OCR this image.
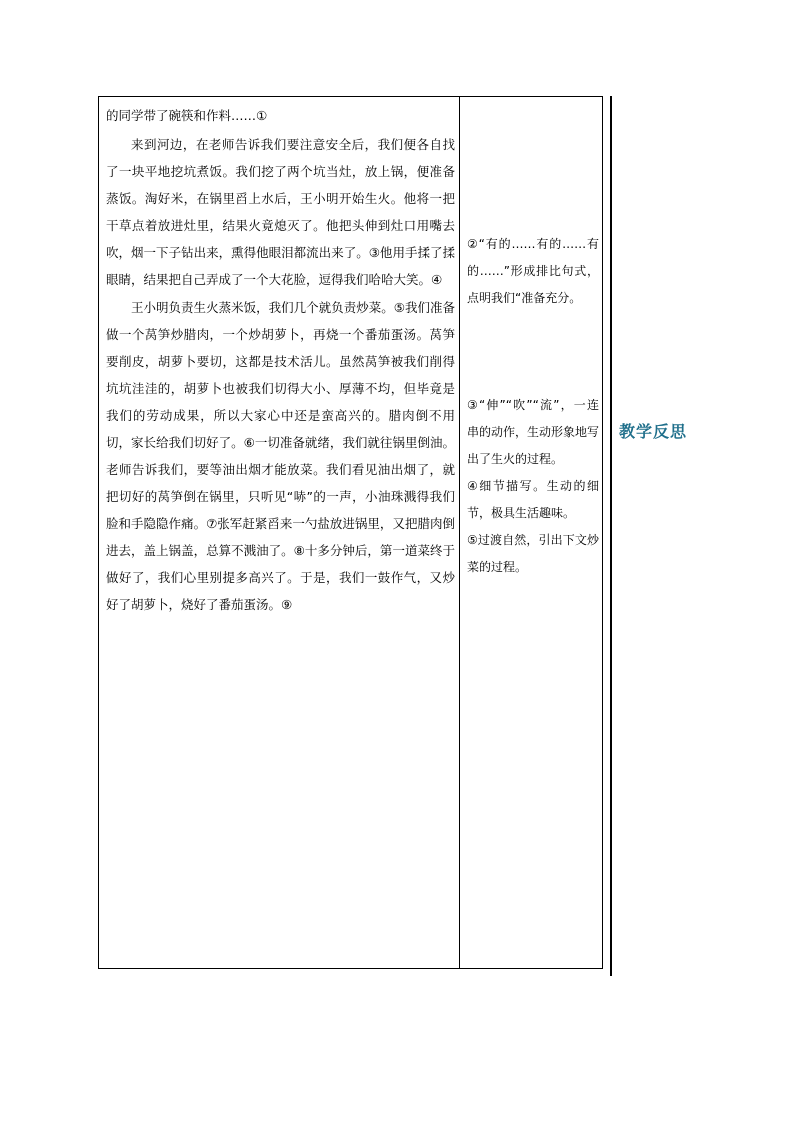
的同学带了碗筷和作料……①

来到河边，在老师告诉我们要注意安全后，我们便各自找了一块平地挖坑煮饭。我们挖了两个坑当灶，放上锅，便准备蒸饭。淘好米，在锅里舀上水后，王小明开始生火。他将一把干草点着放进灶里，结果火竟熄灭了。他把头伸到灶口用嘴去吹，烟一下子钻出来，熏得他眼泪都流出来了。③他用手揉了揉眼睛，结果把自己弄成了一个大花脸，逗得我们哈哈大笑。④

王小明负责生火蒸米饭，我们几个就负责炒菜。⑤我们准备做一个莴笋炒腊肉，一个炒胡萝卜，再烧一个番茄蛋汤。莴笋要削皮，胡萝卜要切，这都是技术活儿。虽然莴笋被我们削得坑坑洼洼的，胡萝卜也被我们切得大小、厚薄不均，但毕竟是我们的劳动成果，所以大家心中还是蛮高兴的。腊肉倒不用切，家长给我们切好了。⑥一切准备就绪，我们就往锅里倒油。老师告诉我们，要等油出烟才能放菜。我们看见油出烟了，就把切好的莴笋倒在锅里，只听见“哧”的一声，小油珠溅得我们脸和手隐隐作痛。⑦张军赶紧舀来一勺盐放进锅里，又把腊肉倒进去，盖上锅盖，总算不溅油了。⑧十多分钟后，第一道菜终于做好了，我们心里别提多高兴了。于是，我们一鼓作气，又炒好了胡萝卜，烧好了番茄蛋汤。⑨

②“有的……有的……有的……”形成排比句式，点明我们“准备充分。

③“伸”“吹”“流”，一连串的动作，生动形象地写出了生火的过程。

④细节描写。生动的细节，极具生活趣味。

⑤过渡自然，引出下文炒菜的过程。

教学反思
